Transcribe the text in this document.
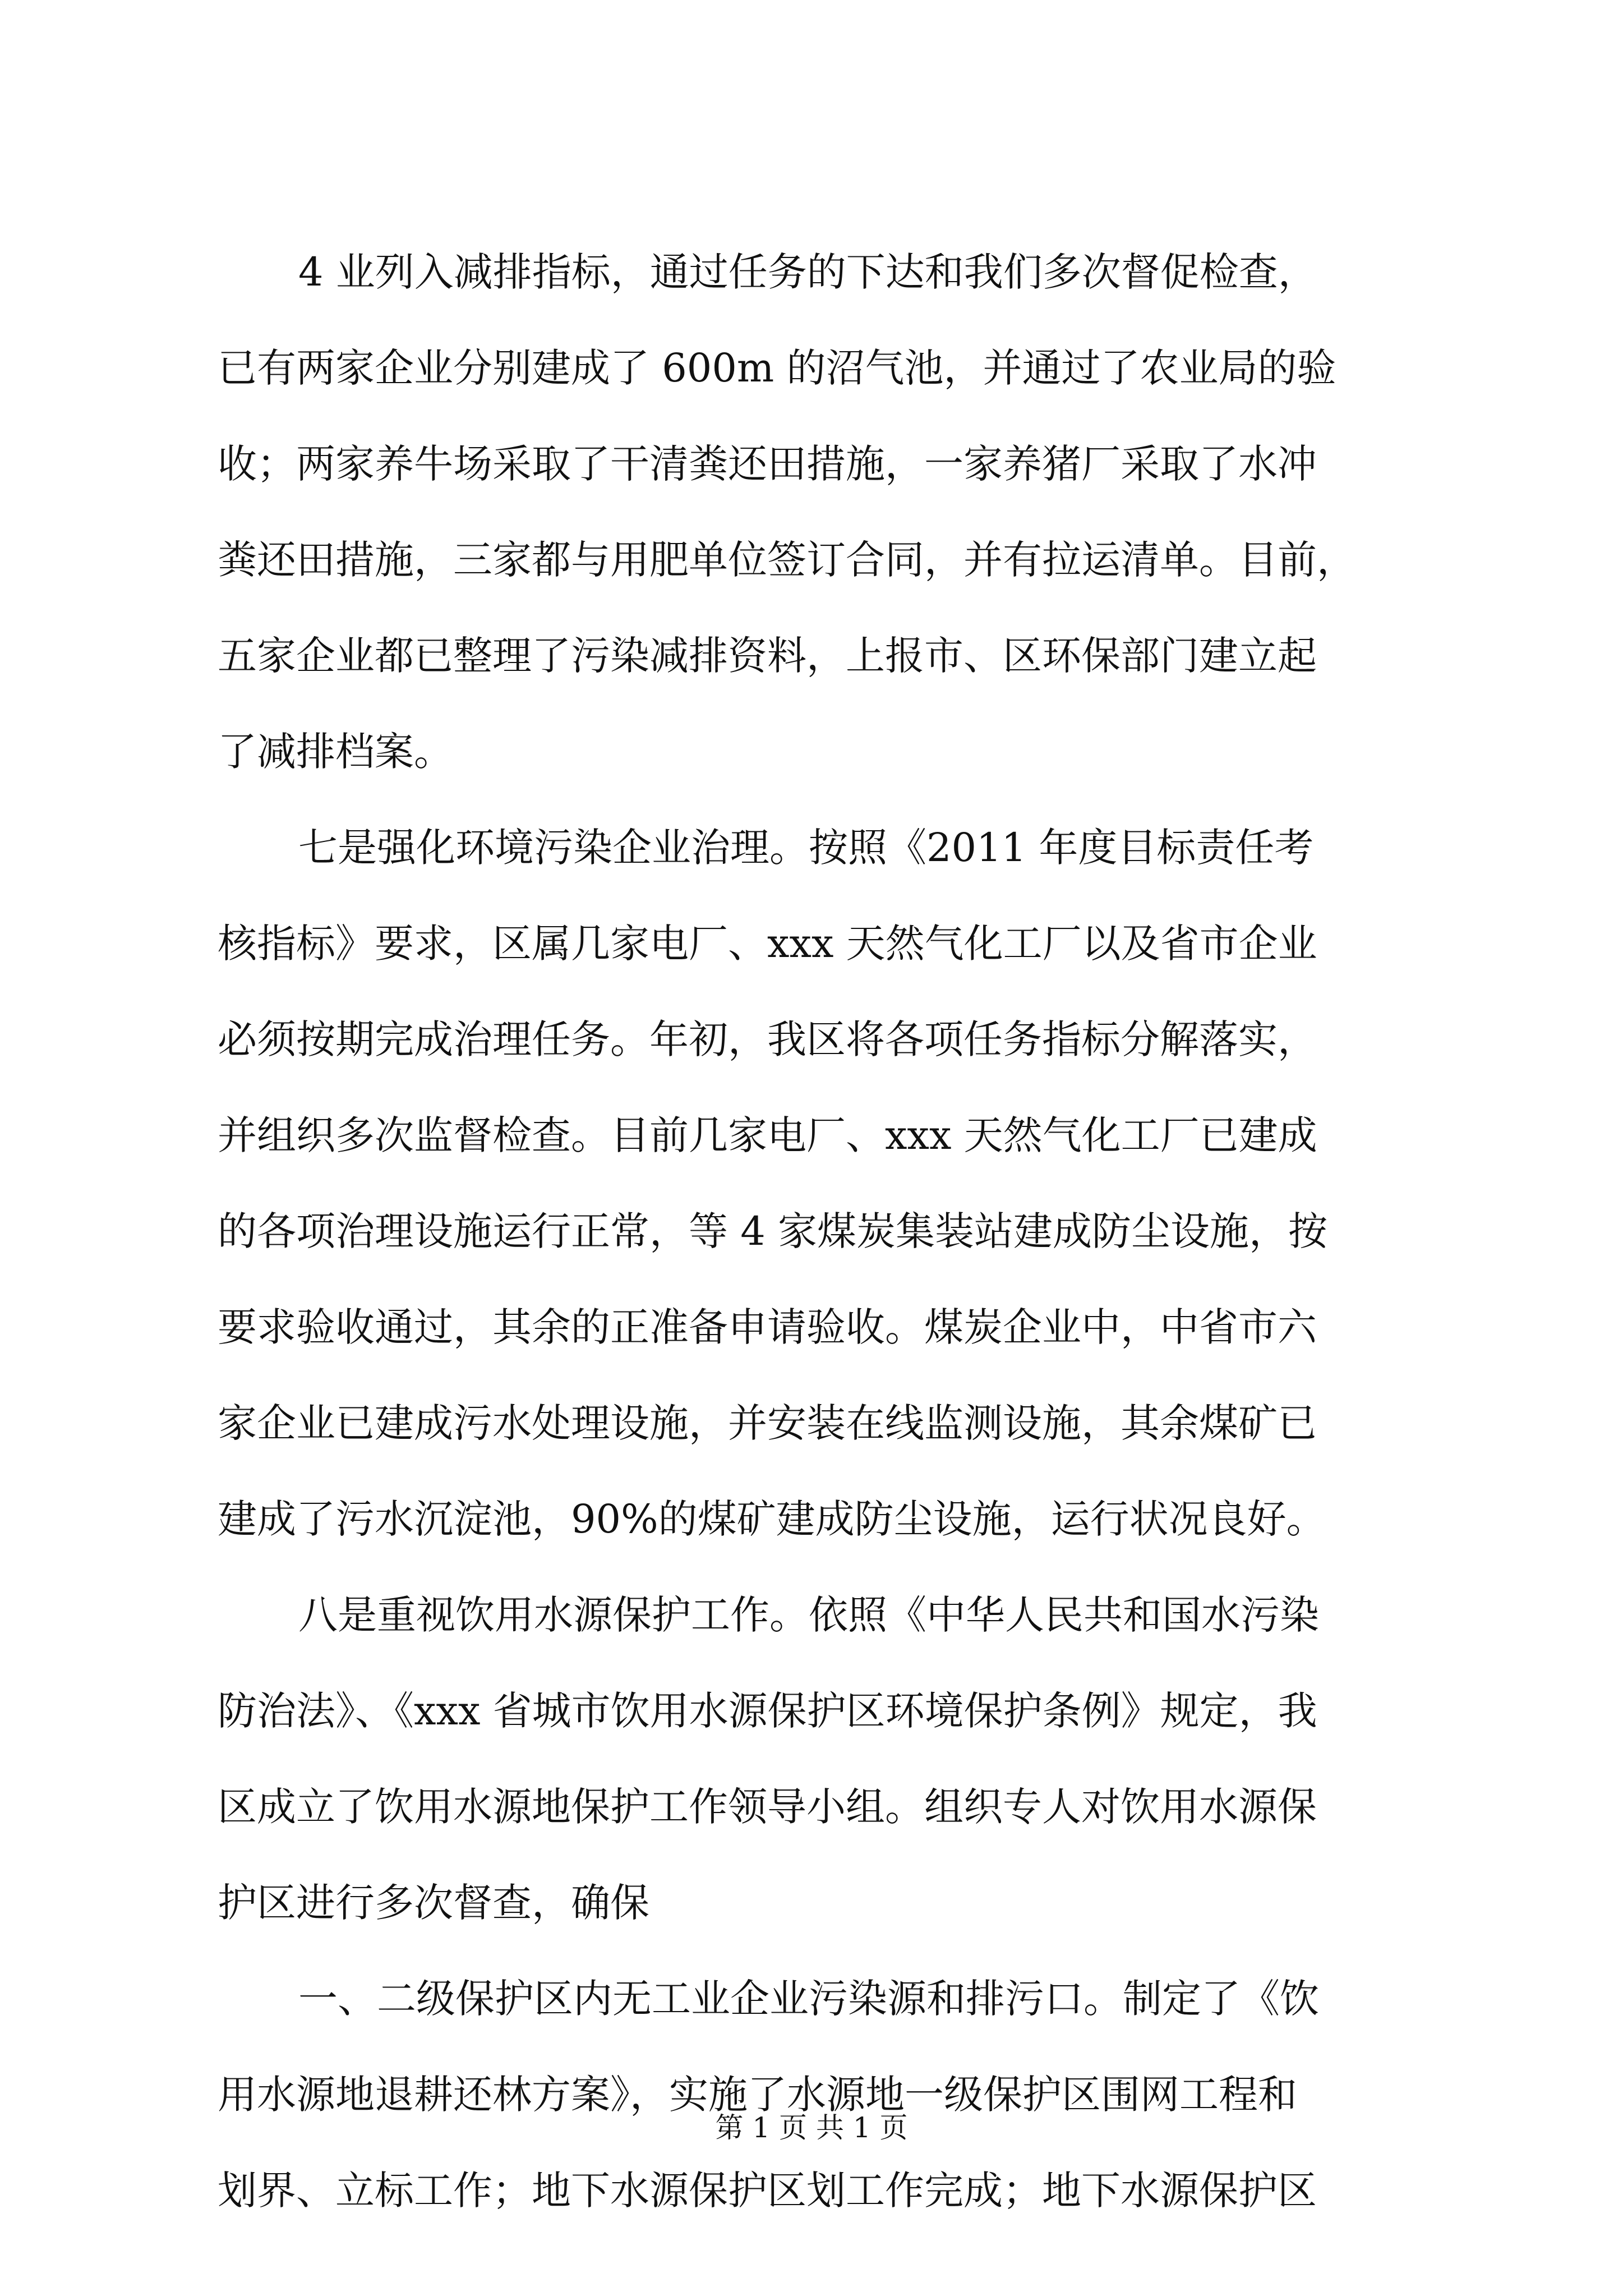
4 业列入减排指标，通过任务的下达和我们多次督促检查，
已有两家企业分别建成了 600m 的沼气池，并通过了农业局的验
收；两家养牛场采取了干清粪还田措施，一家养猪厂采取了水冲
粪还田措施，三家都与用肥单位签订合同，并有拉运清单。目前，
五家企业都已整理了污染减排资料，上报市、区环保部门建立起
了减排档案。
七是强化环境污染企业治理。按照《2011 年度目标责任考
核指标》要求，区属几家电厂、xxx 天然气化工厂以及省市企业
必须按期完成治理任务。年初，我区将各项任务指标分解落实，
并组织多次监督检查。目前几家电厂、xxx 天然气化工厂已建成
的各项治理设施运行正常，等 4 家煤炭集装站建成防尘设施，按
要求验收通过，其余的正准备申请验收。煤炭企业中，中省市六
家企业已建成污水处理设施，并安装在线监测设施，其余煤矿已
建成了污水沉淀池，90%的煤矿建成防尘设施，运行状况良好。
八是重视饮用水源保护工作。依照《中华人民共和国水污染
防治法》、《xxx 省城市饮用水源保护区环境保护条例》规定，我
区成立了饮用水源地保护工作领导小组。组织专人对饮用水源保
护区进行多次督查，确保
一、二级保护区内无工业企业污染源和排污口。制定了《饮
用水源地退耕还林方案》，实施了水源地一级保护区围网工程和
划界、立标工作；地下水源保护区划工作完成；地下水源保护区
第 1 页 共 1 页
